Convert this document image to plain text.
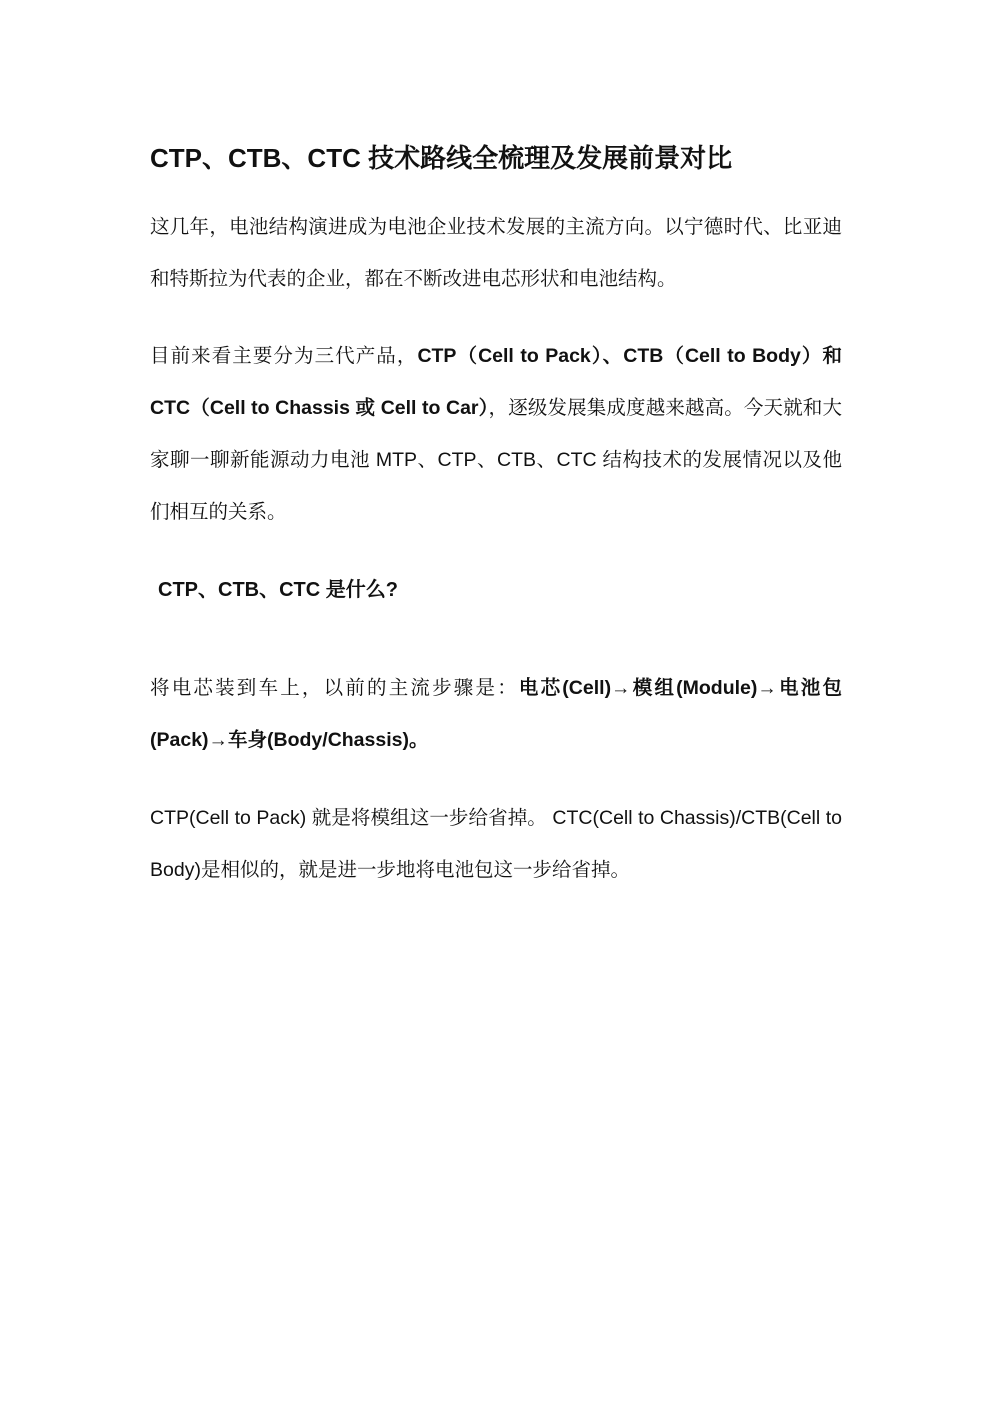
CTP、CTB、CTC 技术路线全梳理及发展前景对比

这几年，电池结构演进成为电池企业技术发展的主流方向。以宁德时代、比亚迪和特斯拉为代表的企业，都在不断改进电芯形状和电池结构。

目前来看主要分为三代产品，CTP（Cell to Pack）、CTB（Cell to Body）和 CTC（Cell to Chassis 或 Cell to Car），逐级发展集成度越来越高。今天就和大家聊一聊新能源动力电池 MTP、CTP、CTB、CTC 结构技术的发展情况以及他们相互的关系。

CTP、CTB、CTC 是什么?

将电芯装到车上，以前的主流步骤是：电芯(Cell)→模组(Module)→电池包(Pack)→车身(Body/Chassis)。

CTP(Cell to Pack) 就是将模组这一步给省掉。 CTC(Cell to Chassis)/CTB(Cell to Body)是相似的，就是进一步地将电池包这一步给省掉。
